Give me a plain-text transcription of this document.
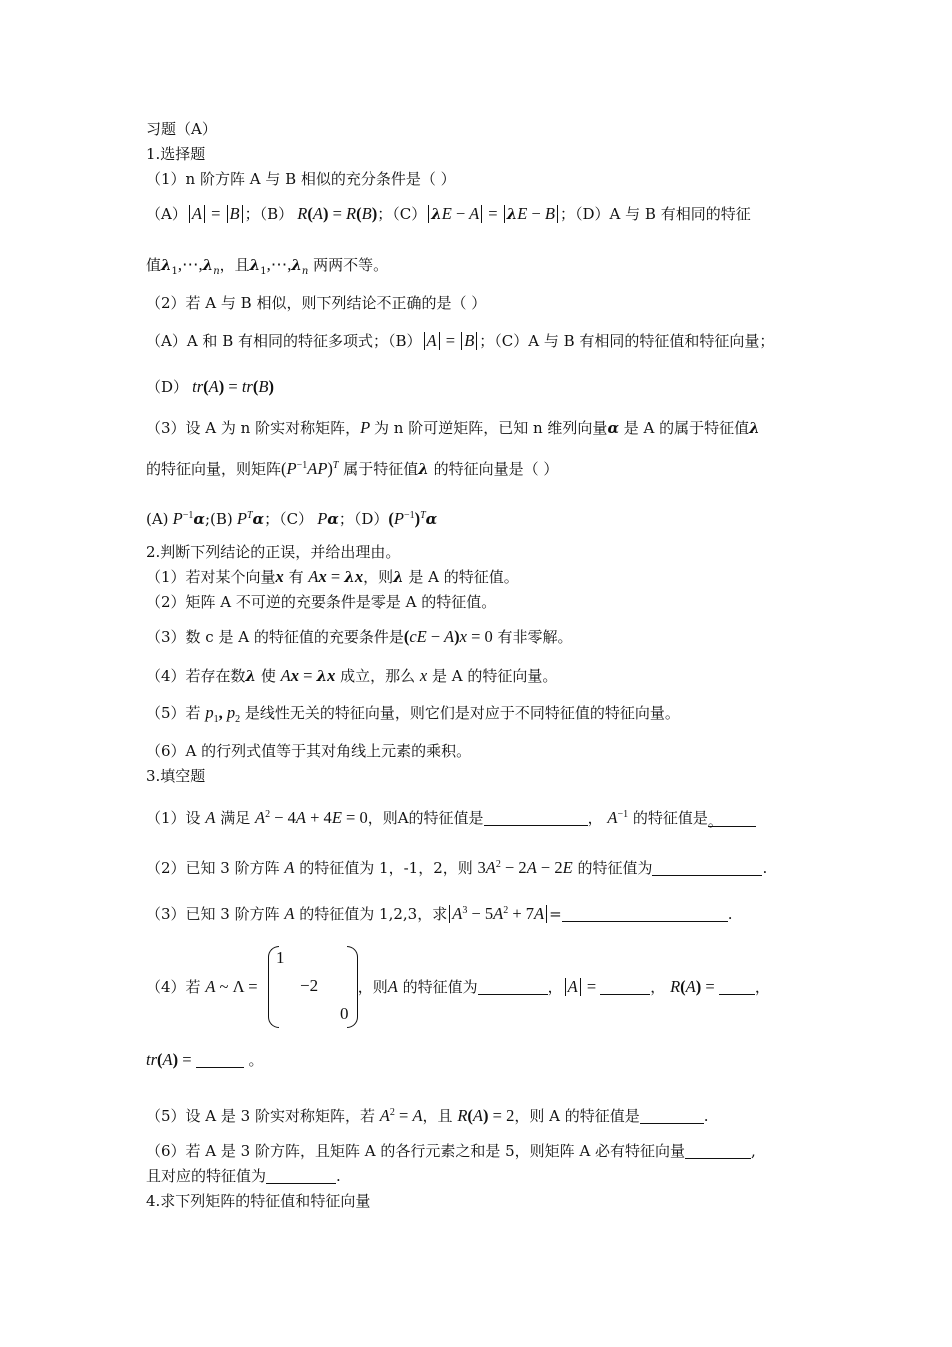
习题（A）
1.选择题
（1）n 阶方阵 A 与 B 相似的充分条件是（ ）
（A） A = B ；（B） R(A) = R(B)；（C） λE − A = λE − B ；（D）A 与 B 有相同的特征
值$\lambda_1,\cdots,\lambda_n$，且$\lambda_1,\cdots,\lambda_n$ 两两不等。
（2）若 A 与 B 相似，则下列结论不正确的是（ ）
（A）A 和 B 有相同的特征多项式；（B） A = B ；（C）A 与 B 有相同的特征值和特征向量；
（D） tr(A) = tr(B)
（3）设 A 为 n 阶实对称矩阵，P 为 n 阶可逆矩阵，已知 n 维列向量α 是 A 的属于特征值λ
的特征向量，则矩阵$(P^{-1}AP)^T$ 属于特征值λ 的特征向量是（ ）
(A) $P^{-1}\alpha;(B)$ $P^T\alpha$；（C） Pα；$(D)(P^{-1})^T\alpha$
2.判断下列结论的正误，并给出理由。
（1）若对某个向量x 有 Ax = λx，则λ 是 A 的特征值。
（2）矩阵 A 不可逆的充要条件是零是 A 的特征值。
（3）数 c 是 A 的特征值的充要条件是(cE − A)x = 0 有非零解。
（4）若存在数λ 使 Ax = λx 成立，那么 x 是 A 的特征向量。
（5）若 $p_1$, $p_2$ 是线性无关的特征向量，则它们是对应于不同特征值的特征向量。
（6）A 的行列式值等于其对角线上元素的乘积。
3.填空题
（1）设 A 满足 $A^2 - 4A + 4E = 0$，则A的特征值是	， $A^{-1}$ 的特征值是。
（2）已知 3 阶方阵 A 的特征值为 1，-1，2，则 $3A^2 - 2A - 2E$ 的特征值为	.
（3）已知 3 阶方阵 A 的特征值为 1,2,3，求 $A^3 - 5A^2 + 7A$ =	.
（4）若 A ~ Λ =	，则A 的特征值为	， A =	， R(A) = ，
1
−2
0
tr(A) =	。
（5）设 A 是 3 阶实对称矩阵，若 $A^2 = A$，且 R(A) = 2，则 A 的特征值是	.
（6）若 A 是 3 阶方阵，且矩阵 A 的各行元素之和是 5，则矩阵 A 必有特征向量	,
且对应的特征值为	.
4.求下列矩阵的特征值和特征向量
